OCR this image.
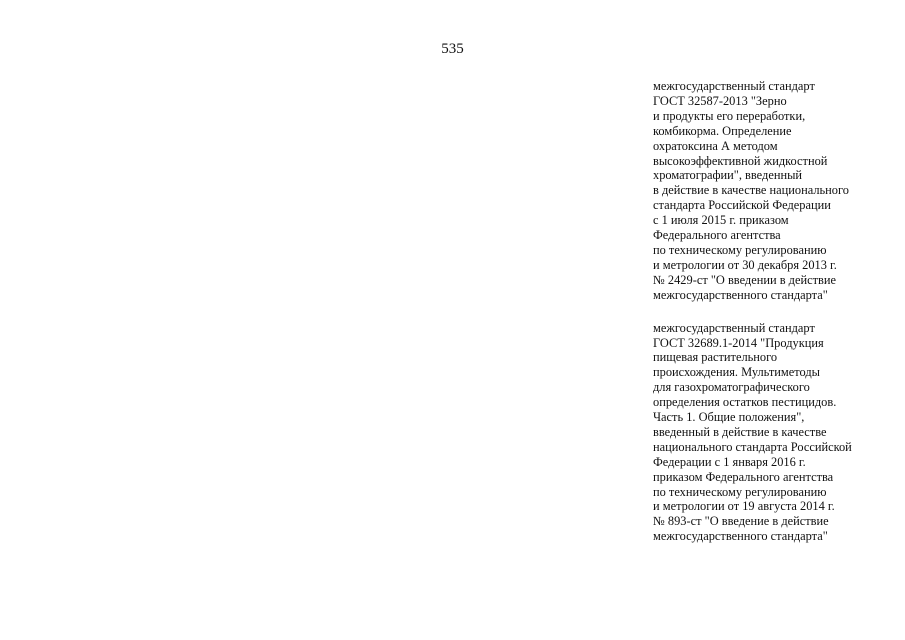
535
межгосударственный стандарт
ГОСТ 32587-2013 "Зерно
и продукты его переработки,
комбикорма. Определение
охратоксина А методом
высокоэффективной жидкостной
хроматографии", введенный
в действие в качестве национального
стандарта Российской Федерации
с 1 июля 2015 г. приказом
Федерального агентства
по техническому регулированию
и метрологии от 30 декабря 2013 г.
№ 2429-ст "О введении в действие
межгосударственного стандарта"
межгосударственный стандарт
ГОСТ 32689.1-2014 "Продукция
пищевая растительного
происхождения. Мультиметоды
для газохроматографического
определения остатков пестицидов.
Часть 1. Общие положения",
введенный в действие в качестве
национального стандарта Российской
Федерации с 1 января 2016 г.
приказом Федерального агентства
по техническому регулированию
и метрологии от 19 августа 2014 г.
№ 893-ст "О введение в действие
межгосударственного стандарта"
